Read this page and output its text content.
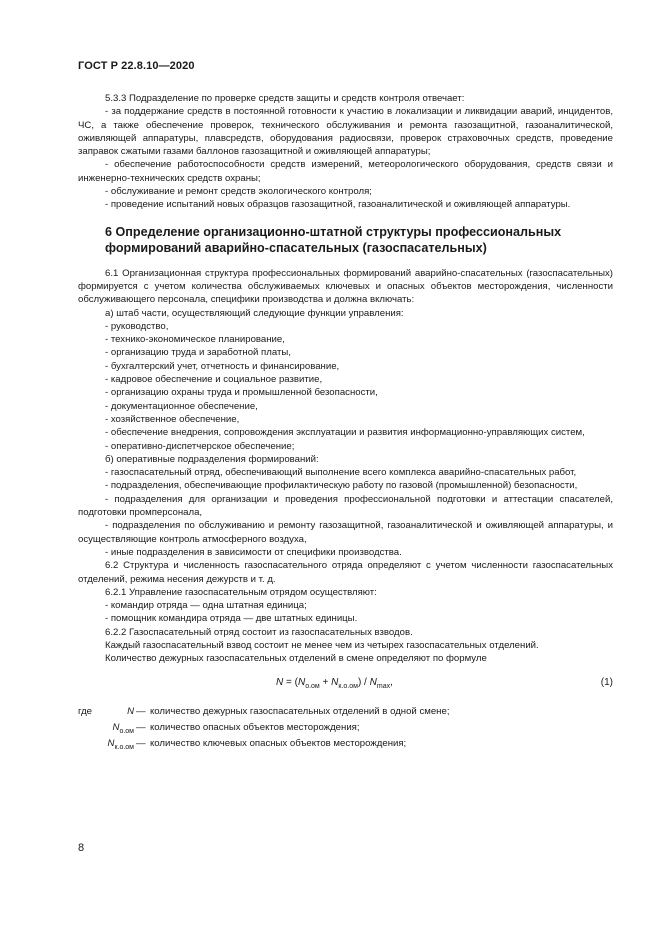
ГОСТ Р 22.8.10—2020

5.3.3 Подразделение по проверке средств защиты и средств контроля отвечает:

- за поддержание средств в постоянной готовности к участию в локализации и ликвидации аварий, инцидентов, ЧС, а также обеспечение проверок, технического обслуживания и ремонта газозащитной, газоаналитической, оживляющей аппаратуры, плавсредств, оборудования радиосвязи, проверок страховочных средств, проведение заправок сжатыми газами баллонов газозащитной и оживляющей аппаратуры;

- обеспечение работоспособности средств измерений, метеорологического оборудования, средств связи и инженерно-технических средств охраны;

- обслуживание и ремонт средств экологического контроля;

- проведение испытаний новых образцов газозащитной, газоаналитической и оживляющей аппаратуры.

6 Определение организационно-штатной структуры профессиональных формирований аварийно-спасательных (газоспасательных)

6.1 Организационная структура профессиональных формирований аварийно-спасательных (газоспасательных) формируется с учетом количества обслуживаемых ключевых и опасных объектов месторождения, численности обслуживающего персонала, специфики производства и должна включать:

а) штаб части, осуществляющий следующие функции управления:

- руководство,

- технико-экономическое планирование,

- организацию труда и заработной платы,

- бухгалтерский учет, отчетность и финансирование,

- кадровое обеспечение и социальное развитие,

- организацию охраны труда и промышленной безопасности,

- документационное обеспечение,

- хозяйственное обеспечение,

- обеспечение внедрения, сопровождения эксплуатации и развития информационно-управляющих систем,

- оперативно-диспетчерское обеспечение;

б) оперативные подразделения формирований:

- газоспасательный отряд, обеспечивающий выполнение всего комплекса аварийно-спасательных работ,

- подразделения, обеспечивающие профилактическую работу по газовой (промышленной) безопасности,

- подразделения для организации и проведения профессиональной подготовки и аттестации спасателей, подготовки промперсонала,

- подразделения по обслуживанию и ремонту газозащитной, газоаналитической и оживляющей аппаратуры, и осуществляющие контроль атмосферного воздуха,

- иные подразделения в зависимости от специфики производства.

6.2 Структура и численность газоспасательного отряда определяют с учетом численности газоспасательных отделений, режима несения дежурств и т. д.

6.2.1 Управление газоспасательным отрядом осуществляют:

- командир отряда — одна штатная единица;

- помощник командира отряда — две штатных единицы.

6.2.2 Газоспасательный отряд состоит из газоспасательных взводов.

Каждый газоспасательный взвод состоит не менее чем из четырех газоспасательных отделений.

Количество дежурных газоспасательных отделений в смене определяют по формуле

$N = (N_{о.ом} + N_{к.о.ом}) / N_{max}$,	(1)
где	N — количество дежурных газоспасательных отделений в одной смене;
$N_{о.ом}$ — количество опасных объектов месторождения;
$N_{к.о.ом}$ — количество ключевых опасных объектов месторождения;
8
